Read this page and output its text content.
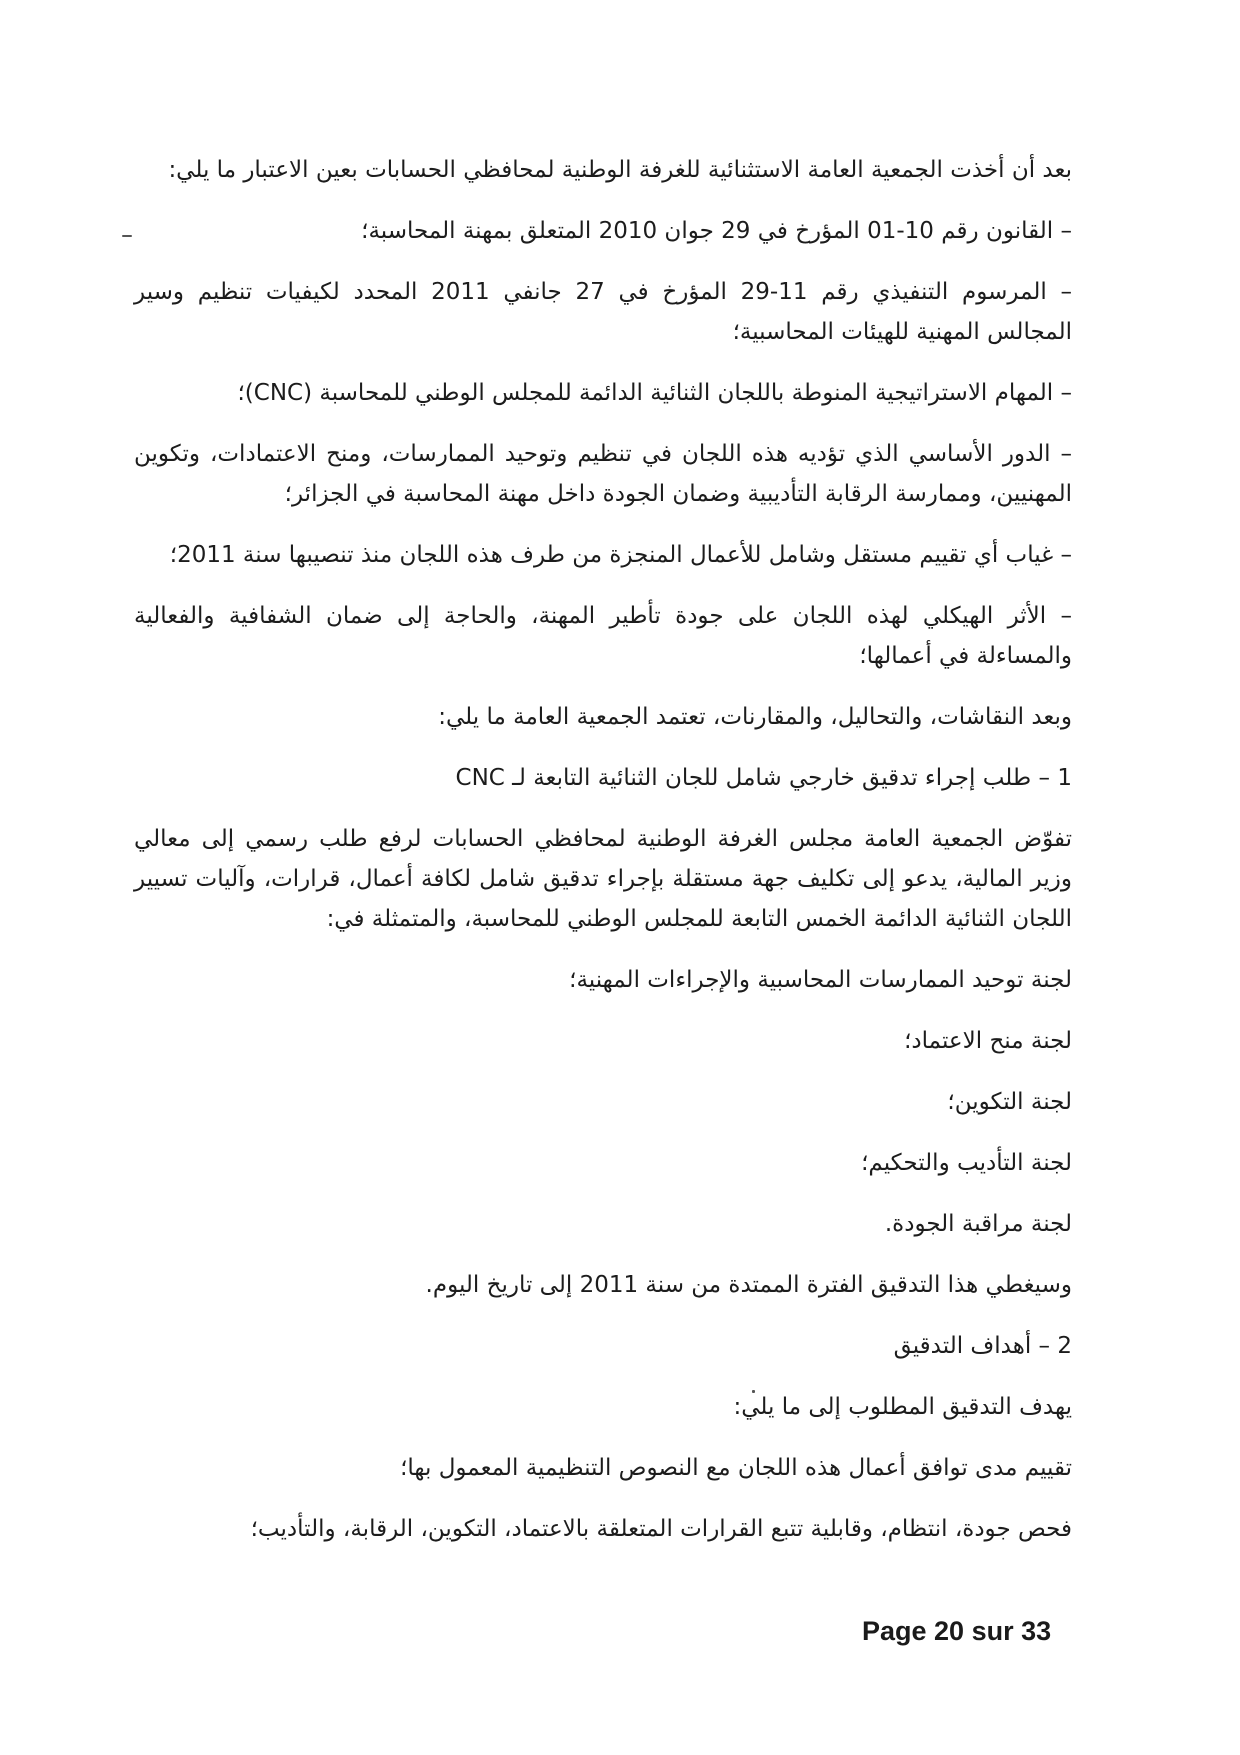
بعد أن أخذت الجمعية العامة الاستثنائية للغرفة الوطنية لمحافظي الحسابات بعين الاعتبار ما يلي:

– القانون رقم 10-01 المؤرخ في 29 جوان 2010 المتعلق بمهنة المحاسبة؛

– المرسوم التنفيذي رقم 11-29 المؤرخ في 27 جانفي 2011 المحدد لكيفيات تنظيم وسير المجالس المهنية للهيئات المحاسبية؛

– المهام الاستراتيجية المنوطة باللجان الثنائية الدائمة للمجلس الوطني للمحاسبة (CNC)؛

– الدور الأساسي الذي تؤديه هذه اللجان في تنظيم وتوحيد الممارسات، ومنح الاعتمادات، وتكوين المهنيين، وممارسة الرقابة التأديبية وضمان الجودة داخل مهنة المحاسبة في الجزائر؛

– غياب أي تقييم مستقل وشامل للأعمال المنجزة من طرف هذه اللجان منذ تنصيبها سنة 2011؛

– الأثر الهيكلي لهذه اللجان على جودة تأطير المهنة، والحاجة إلى ضمان الشفافية والفعالية والمساءلة في أعمالها؛

وبعد النقاشات، والتحاليل، والمقارنات، تعتمد الجمعية العامة ما يلي:

1 – طلب إجراء تدقيق خارجي شامل للجان الثنائية التابعة لـ CNC

تفوّض الجمعية العامة مجلس الغرفة الوطنية لمحافظي الحسابات لرفع طلب رسمي إلى معالي وزير المالية، يدعو إلى تكليف جهة مستقلة بإجراء تدقيق شامل لكافة أعمال، قرارات، وآليات تسيير اللجان الثنائية الدائمة الخمس التابعة للمجلس الوطني للمحاسبة، والمتمثلة في:

لجنة توحيد الممارسات المحاسبية والإجراءات المهنية؛

لجنة منح الاعتماد؛

لجنة التكوين؛

لجنة التأديب والتحكيم؛

لجنة مراقبة الجودة.

وسيغطي هذا التدقيق الفترة الممتدة من سنة 2011 إلى تاريخ اليوم.

2 – أهداف التدقيق

يهدف التدقيق المطلوب إلى ما يلي:

تقييم مدى توافق أعمال هذه اللجان مع النصوص التنظيمية المعمول بها؛

فحص جودة، انتظام، وقابلية تتبع القرارات المتعلقة بالاعتماد، التكوين، الرقابة، والتأديب؛

Page 20 sur 33
